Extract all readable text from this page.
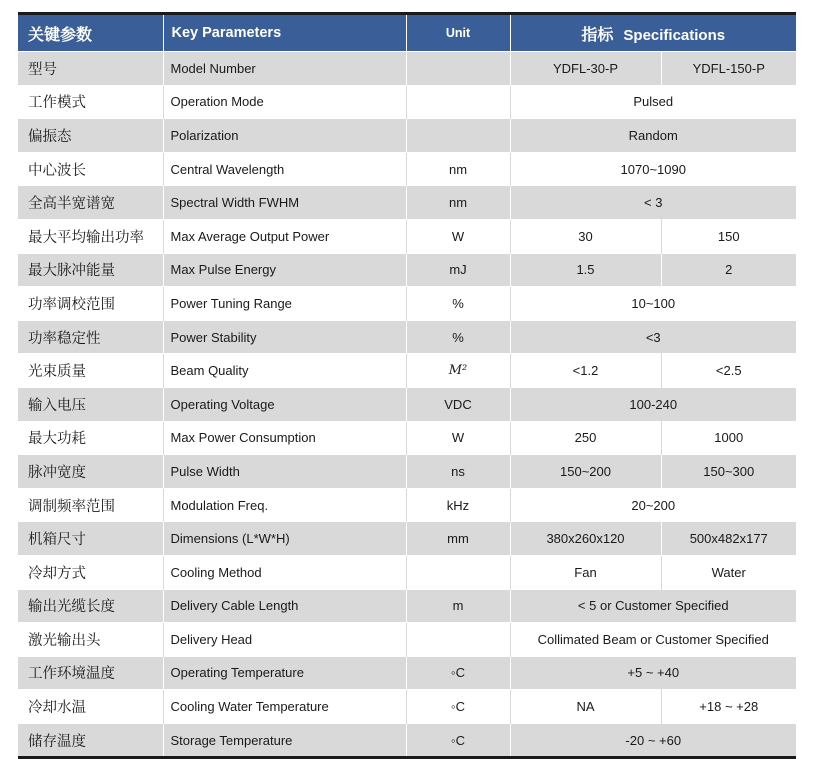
关键参数	Key Parameters	Unit	指标 Specifications	
型号	Model Number		YDFL-30-P	YDFL-150-P
工作模式	Operation Mode		Pulsed	
偏振态	Polarization		Random	
中心波长	Central Wavelength	nm	1070~1090	
全高半宽谱宽	Spectral Width FWHM	nm	< 3	
最大平均输出功率	Max Average Output Power	W	30	150
最大脉冲能量	Max Pulse Energy	mJ	1.5	2
功率调校范围	Power Tuning Range	%	10~100	
功率稳定性	Power Stability	%	<3	
光束质量	Beam Quality	M²	<1.2	<2.5
输入电压	Operating Voltage	VDC	100-240	
最大功耗	Max Power Consumption	W	250	1000
脉冲宽度	Pulse Width	ns	150~200	150~300
调制频率范围	Modulation Freq.	kHz	20~200	
机箱尺寸	Dimensions (L*W*H)	mm	380x260x120	500x482x177
冷却方式	Cooling Method		Fan	Water
输出光缆长度	Delivery Cable Length	m	< 5 or Customer Specified	
激光输出头	Delivery Head		Collimated Beam or Customer Specified	
工作环境温度	Operating Temperature	◦C	+5 ~ +40	
冷却水温	Cooling Water Temperature	◦C	NA	+18 ~ +28
储存温度	Storage Temperature	◦C	-20 ~ +60	
